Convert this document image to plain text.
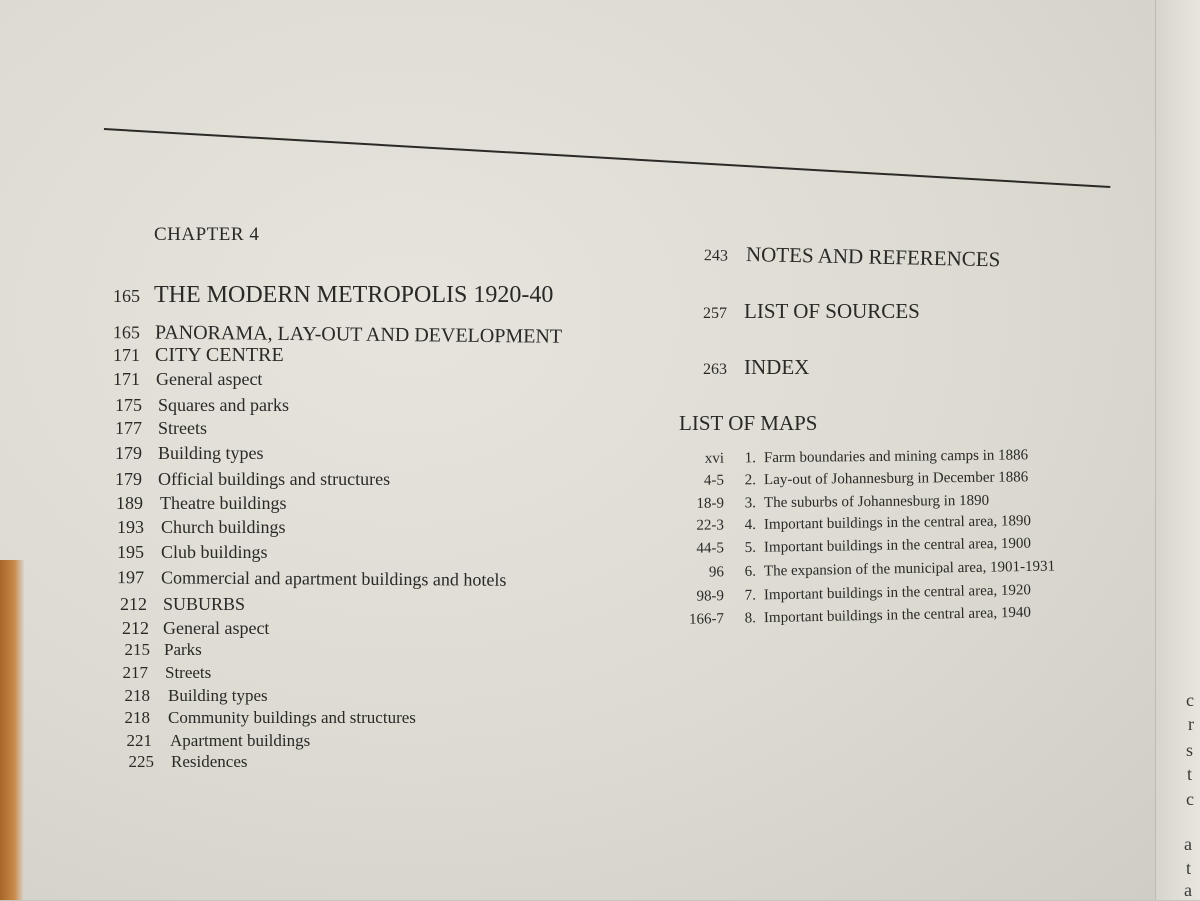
CHAPTER 4
165 THE MODERN METROPOLIS 1920-40
165 PANORAMA, LAY-OUT AND DEVELOPMENT
171 CITY CENTRE
171 General aspect
175 Squares and parks
177 Streets
179 Building types
179 Official buildings and structures
189 Theatre buildings
193 Church buildings
195 Club buildings
197 Commercial and apartment buildings and hotels
212 SUBURBS
212 General aspect
215 Parks
217 Streets
218 Building types
218 Community buildings and structures
221 Apartment buildings
225 Residences
243 NOTES AND REFERENCES
257 LIST OF SOURCES
263 INDEX
LIST OF MAPS
xvi 1. Farm boundaries and mining camps in 1886
4-5 2. Lay-out of Johannesburg in December 1886
18-9 3. The suburbs of Johannesburg in 1890
22-3 4. Important buildings in the central area, 1890
44-5 5. Important buildings in the central area, 1900
96 6. The expansion of the municipal area, 1901-1931
98-9 7. Important buildings in the central area, 1920
166-7 8. Important buildings in the central area, 1940
c
r
s
t
c
a
t
a
